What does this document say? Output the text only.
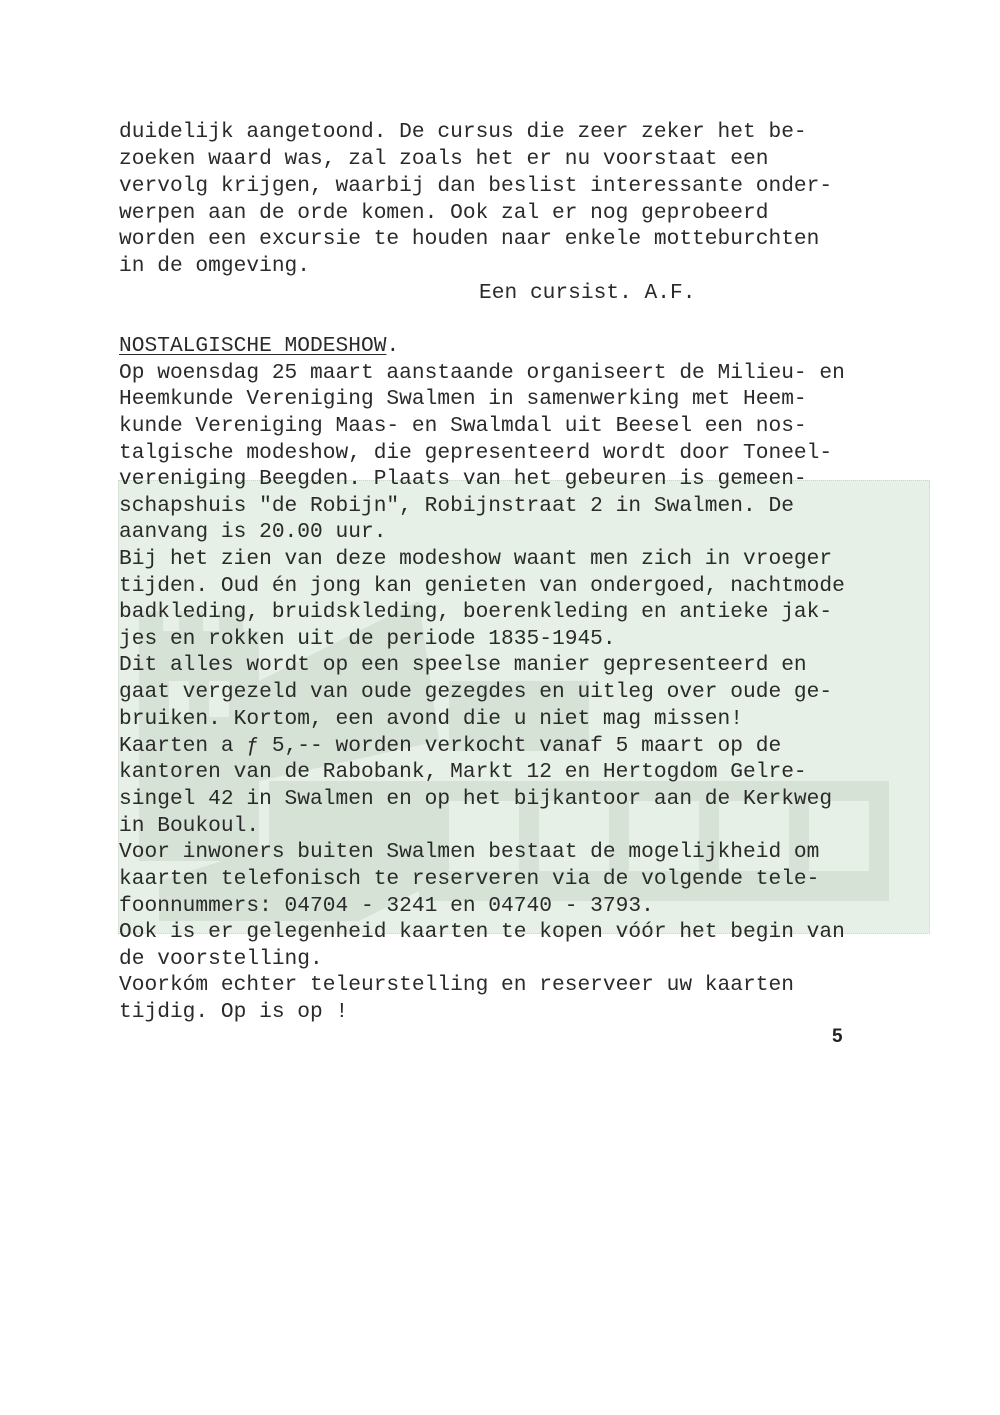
duidelijk aangetoond. De cursus die zeer zeker het be-
zoeken waard was, zal zoals het er nu voorstaat een
vervolg krijgen, waarbij dan beslist interessante onder-
werpen aan de orde komen. Ook zal er nog geprobeerd
worden een excursie te houden naar enkele motteburchten
in de omgeving.
Een cursist. A.F.
NOSTALGISCHE MODESHOW.
Op woensdag 25 maart aanstaande organiseert de Milieu- en
Heemkunde Vereniging Swalmen in samenwerking met Heem-
kunde Vereniging Maas- en Swalmdal uit Beesel een nos-
talgische modeshow, die gepresenteerd wordt door Toneel-
vereniging Beegden. Plaats van het gebeuren is gemeen-
schapshuis "de Robijn", Robijnstraat 2 in Swalmen. De
aanvang is 20.00 uur.
Bij het zien van deze modeshow waant men zich in vroeger
tijden. Oud én jong kan genieten van ondergoed, nachtmode
badkleding, bruidskleding, boerenkleding en antieke jak-
jes en rokken uit de periode 1835-1945.
Dit alles wordt op een speelse manier gepresenteerd en
gaat vergezeld van oude gezegdes en uitleg over oude ge-
bruiken. Kortom, een avond die u niet mag missen!
Kaarten a ƒ 5,-- worden verkocht vanaf 5 maart op de
kantoren van de Rabobank, Markt 12 en Hertogdom Gelre-
singel 42 in Swalmen en op het bijkantoor aan de Kerkweg
in Boukoul.
Voor inwoners buiten Swalmen bestaat de mogelijkheid om
kaarten telefonisch te reserveren via de volgende tele-
foonnummers: 04704 - 3241 en 04740 - 3793.
Ook is er gelegenheid kaarten te kopen vóór het begin van
de voorstelling.
Voorkóm echter teleurstelling en reserveer uw kaarten
tijdig. Op is op !
5
